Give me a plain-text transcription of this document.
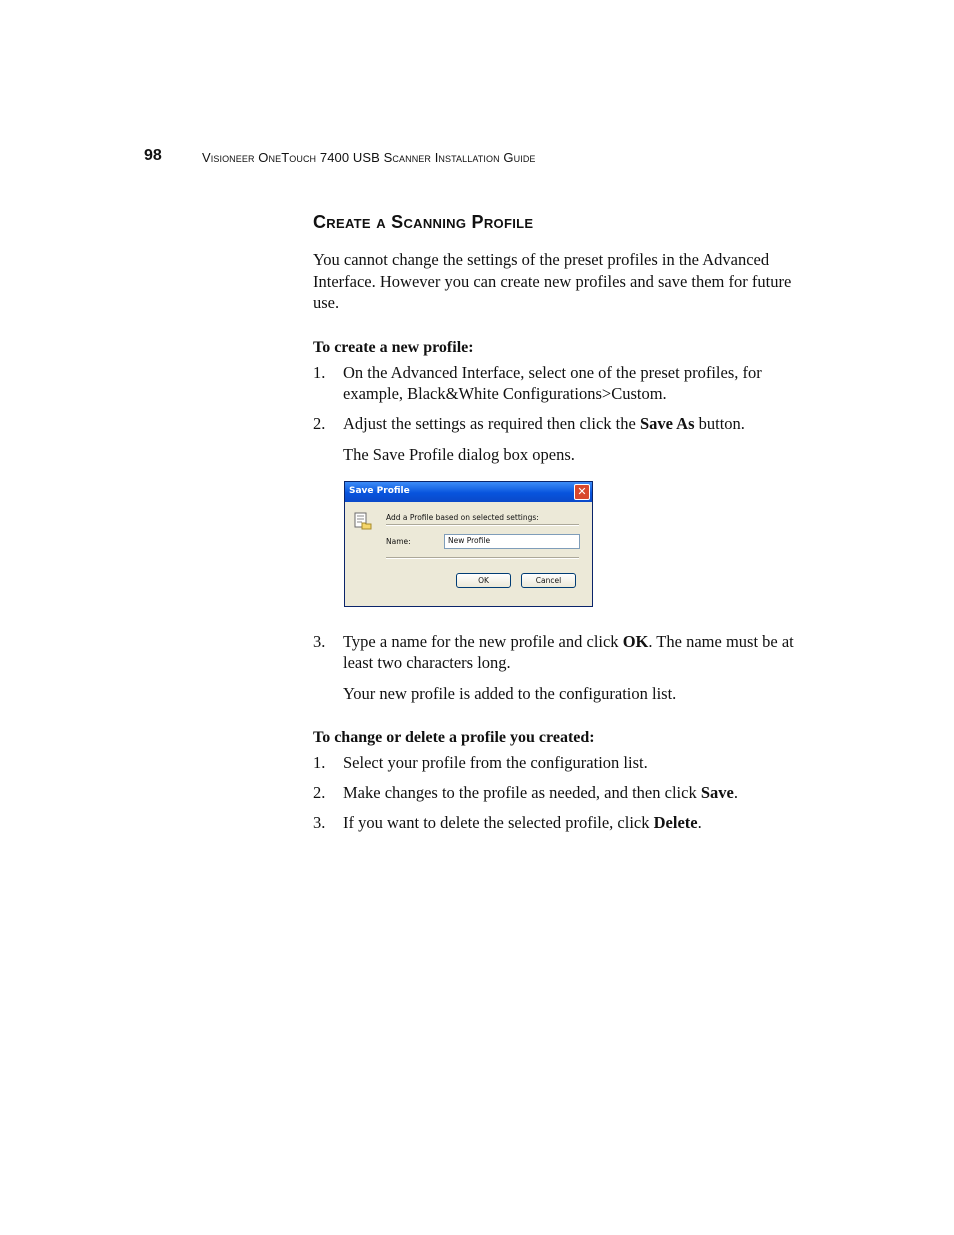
98	Visioneer OneTouch 7400 USB Scanner Installation Guide
Create a Scanning Profile

You cannot change the settings of the preset profiles in the Advanced Interface. However you can create new profiles and save them for future use.

To create a new profile:

1. On the Advanced Interface, select one of the preset profiles, for example, Black&White Configurations>Custom.
2. Adjust the settings as required then click the Save As button.

The Save Profile dialog box opens.

Save Profile	✕
Add a Profile based on selected settings:
Name:	New Profile
OK	Cancel
3. Type a name for the new profile and click OK. The name must be at least two characters long.

Your new profile is added to the configuration list.

To change or delete a profile you created:

1. Select your profile from the configuration list.
2. Make changes to the profile as needed, and then click Save.
3. If you want to delete the selected profile, click Delete.
